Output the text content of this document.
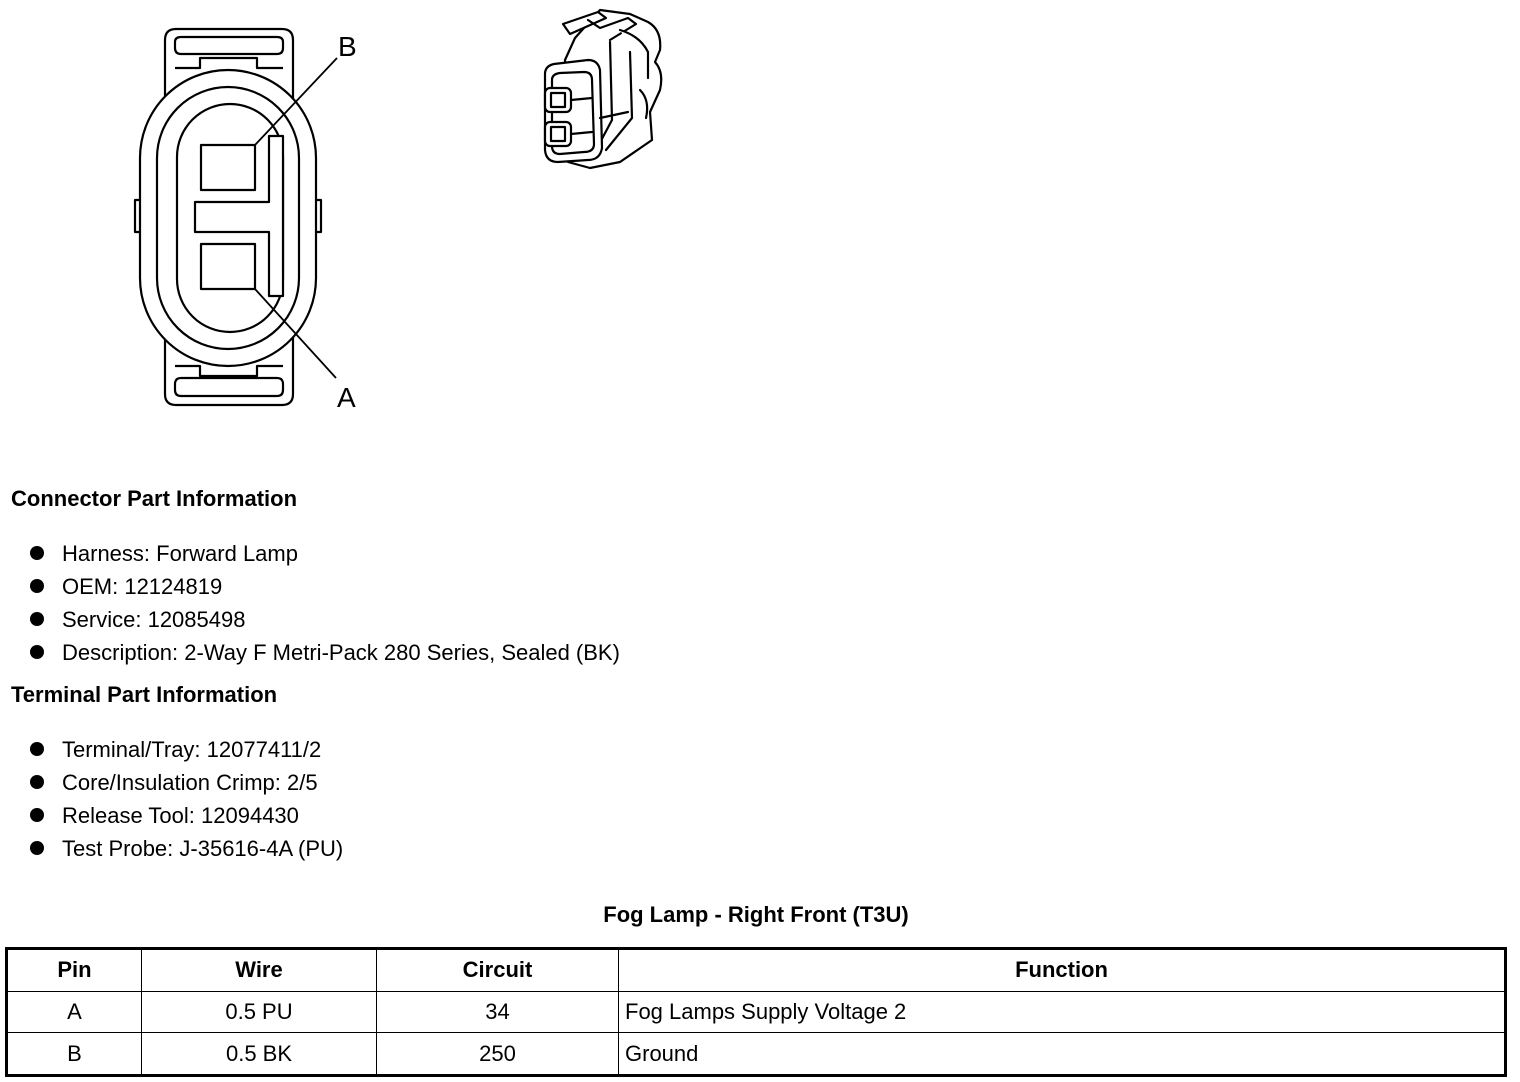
B
A
Connector Part Information
Harness: Forward Lamp
OEM: 12124819
Service: 12085498
Description: 2-Way F Metri-Pack 280 Series, Sealed (BK)
Terminal Part Information
Terminal/Tray: 12077411/2
Core/Insulation Crimp: 2/5
Release Tool: 12094430
Test Probe: J-35616-4A (PU)
Fog Lamp - Right Front (T3U)
Pin	Wire	Circuit	Function
A	0.5 PU	34	Fog Lamps Supply Voltage 2
B	0.5 BK	250	Ground
